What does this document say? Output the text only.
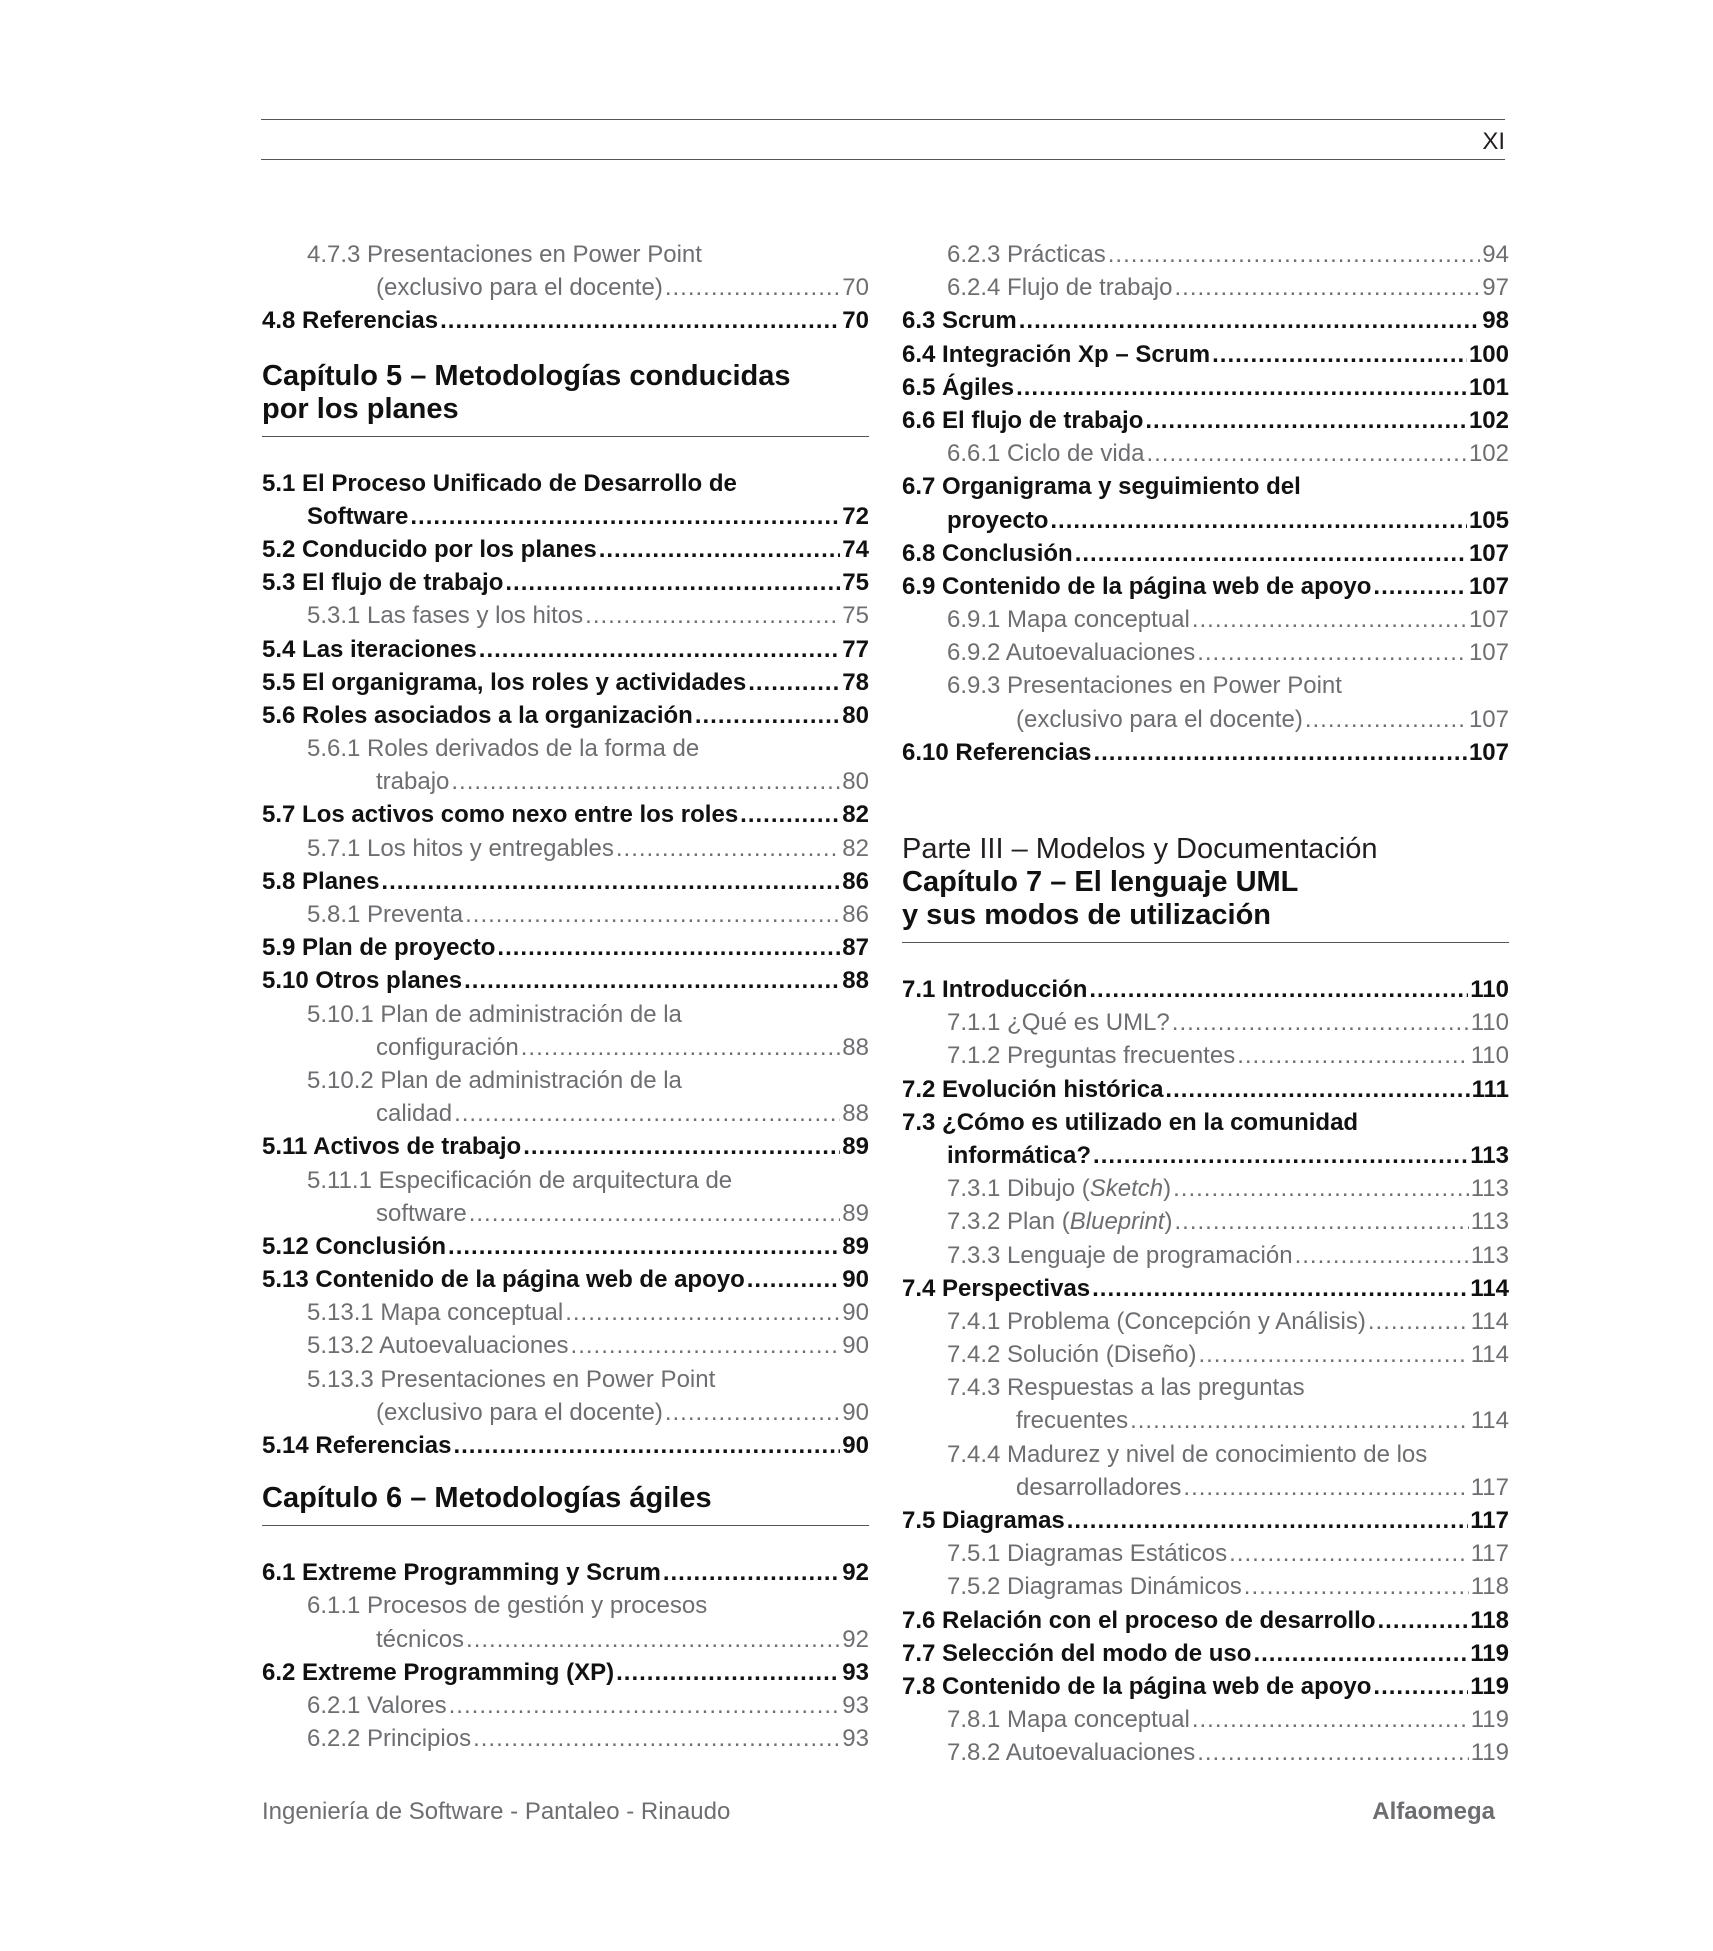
XI
4.7.3 Presentaciones en Power Point
(exclusivo para el docente) .....	70
4.8 Referencias .....	70
Capítulo 5 – Metodologías conducidas
por los planes
5.1 El Proceso Unificado de Desarrollo de
Software .....	72
5.2 Conducido por los planes .....	74
5.3 El flujo de trabajo .....	75
5.3.1 Las fases y los hitos .....	75
5.4 Las iteraciones .....	77
5.5 El organigrama, los roles y actividades .....	78
5.6 Roles asociados a la organización .....	80
5.6.1 Roles derivados de la forma de
trabajo .....	80
5.7 Los activos como nexo entre los roles .....	82
5.7.1 Los hitos y entregables .....	82
5.8 Planes .....	86
5.8.1 Preventa .....	86
5.9 Plan de proyecto .....	87
5.10 Otros planes .....	88
5.10.1 Plan de administración de la
configuración .....	88
5.10.2 Plan de administración de la
calidad .....	88
5.11 Activos de trabajo .....	89
5.11.1 Especificación de arquitectura de
software .....	89
5.12 Conclusión .....	89
5.13 Contenido de la página web de apoyo .....	90
5.13.1 Mapa conceptual .....	90
5.13.2 Autoevaluaciones .....	90
5.13.3 Presentaciones en Power Point
(exclusivo para el docente) .....	90
5.14 Referencias .....	90
Capítulo 6 – Metodologías ágiles
6.1 Extreme Programming y Scrum .....	92
6.1.1 Procesos de gestión y procesos
técnicos .....	92
6.2 Extreme Programming (XP) .....	93
6.2.1 Valores .....	93
6.2.2 Principios .....	93
6.2.3 Prácticas .....	94
6.2.4 Flujo de trabajo .....	97
6.3 Scrum .....	98
6.4 Integración Xp – Scrum .....	100
6.5 Ágiles .....	101
6.6 El flujo de trabajo .....	102
6.6.1 Ciclo de vida .....	102
6.7 Organigrama y seguimiento del
proyecto .....	105
6.8 Conclusión .....	107
6.9 Contenido de la página web de apoyo .....	107
6.9.1 Mapa conceptual .....	107
6.9.2 Autoevaluaciones .....	107
6.9.3 Presentaciones en Power Point
(exclusivo para el docente) .....	107
6.10 Referencias .....	107
Parte III – Modelos y Documentación
Capítulo 7 – El lenguaje UML
y sus modos de utilización
7.1 Introducción .....	110
7.1.1 ¿Qué es UML? .....	110
7.1.2 Preguntas frecuentes .....	110
7.2 Evolución histórica .....	111
7.3 ¿Cómo es utilizado en la comunidad
informática? .....	113
7.3.1 Dibujo (Sketch) .....	113
7.3.2 Plan (Blueprint) .....	113
7.3.3 Lenguaje de programación .....	113
7.4 Perspectivas .....	114
7.4.1 Problema (Concepción y Análisis) .....	114
7.4.2 Solución (Diseño) .....	114
7.4.3 Respuestas a las preguntas
frecuentes .....	114
7.4.4 Madurez y nivel de conocimiento de los
desarrolladores .....	117
7.5 Diagramas .....	117
7.5.1 Diagramas Estáticos .....	117
7.5.2 Diagramas Dinámicos .....	118
7.6 Relación con el proceso de desarrollo .....	118
7.7 Selección del modo de uso .....	119
7.8 Contenido de la página web de apoyo .....	119
7.8.1 Mapa conceptual .....	119
7.8.2 Autoevaluaciones .....	119
Ingeniería de Software - Pantaleo - Rinaudo	Alfaomega
